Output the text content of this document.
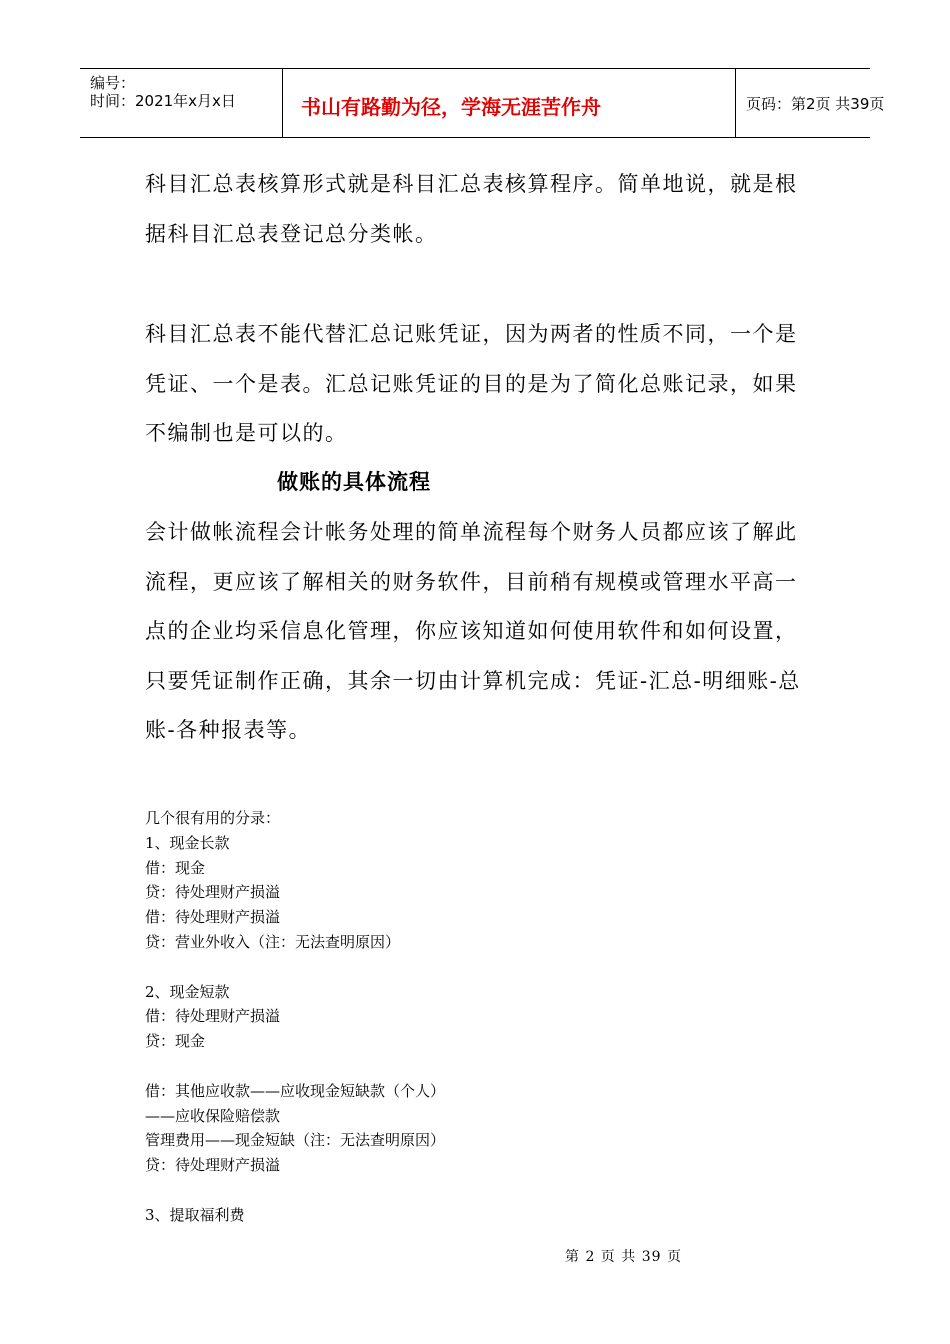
编号：
时间：2021年x月x日	书山有路勤为径，学海无涯苦作舟	页码：第2页 共39页

科目汇总表核算形式就是科目汇总表核算程序。简单地说，就是根据科目汇总表登记总分类帐。

科目汇总表不能代替汇总记账凭证，因为两者的性质不同，一个是凭证、一个是表。汇总记账凭证的目的是为了简化总账记录，如果不编制也是可以的。

做账的具体流程

会计做帐流程会计帐务处理的简单流程每个财务人员都应该了解此流程，更应该了解相关的财务软件，目前稍有规模或管理水平高一点的企业均采信息化管理，你应该知道如何使用软件和如何设置，只要凭证制作正确，其余一切由计算机完成：凭证-汇总-明细账-总账-各种报表等。

几个很有用的分录：
1、现金长款
借：现金
贷：待处理财产损溢
借：待处理财产损溢
贷：营业外收入（注：无法查明原因）
2、现金短款
借：待处理财产损溢
贷：现金
借：其他应收款——应收现金短缺款（个人）
——应收保险赔偿款
管理费用——现金短缺（注：无法查明原因）
贷：待处理财产损溢
3、提取福利费
第 2 页 共 39 页
